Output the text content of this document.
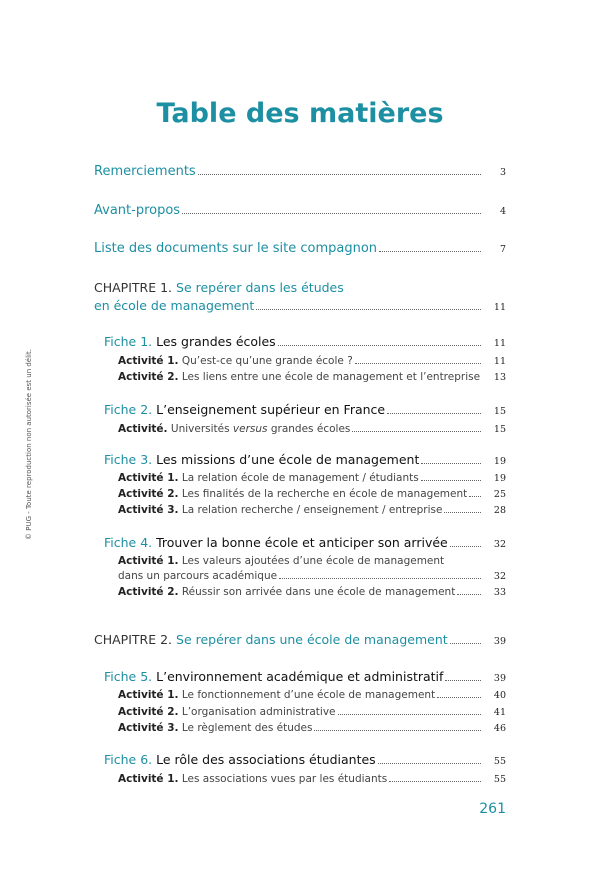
Table des matières
© PUG - Toute reproduction non autorisée est un délit.
Remerciements	3
Avant-propos	4
Liste des documents sur le site compagnon	7
CHAPITRE 1. Se repérer dans les études
en école de management	11
Fiche 1. Les grandes écoles	11
Activité 1. Qu’est-ce qu’une grande école ?	11
Activité 2. Les liens entre une école de management et l’entreprise	13
Fiche 2. L’enseignement supérieur en France	15
Activité. Universités versus grandes écoles	15
Fiche 3. Les missions d’une école de management	19
Activité 1. La relation école de management / étudiants	19
Activité 2. Les finalités de la recherche en école de management	25
Activité 3. La relation recherche / enseignement / entreprise	28
Fiche 4. Trouver la bonne école et anticiper son arrivée	32
Activité 1. Les valeurs ajoutées d’une école de management
dans un parcours académique	32
Activité 2. Réussir son arrivée dans une école de management	33
CHAPITRE 2. Se repérer dans une école de management	39
Fiche 5. L’environnement académique et administratif	39
Activité 1. Le fonctionnement d’une école de management	40
Activité 2. L’organisation administrative	41
Activité 3. Le règlement des études	46
Fiche 6. Le rôle des associations étudiantes	55
Activité 1. Les associations vues par les étudiants	55
261
